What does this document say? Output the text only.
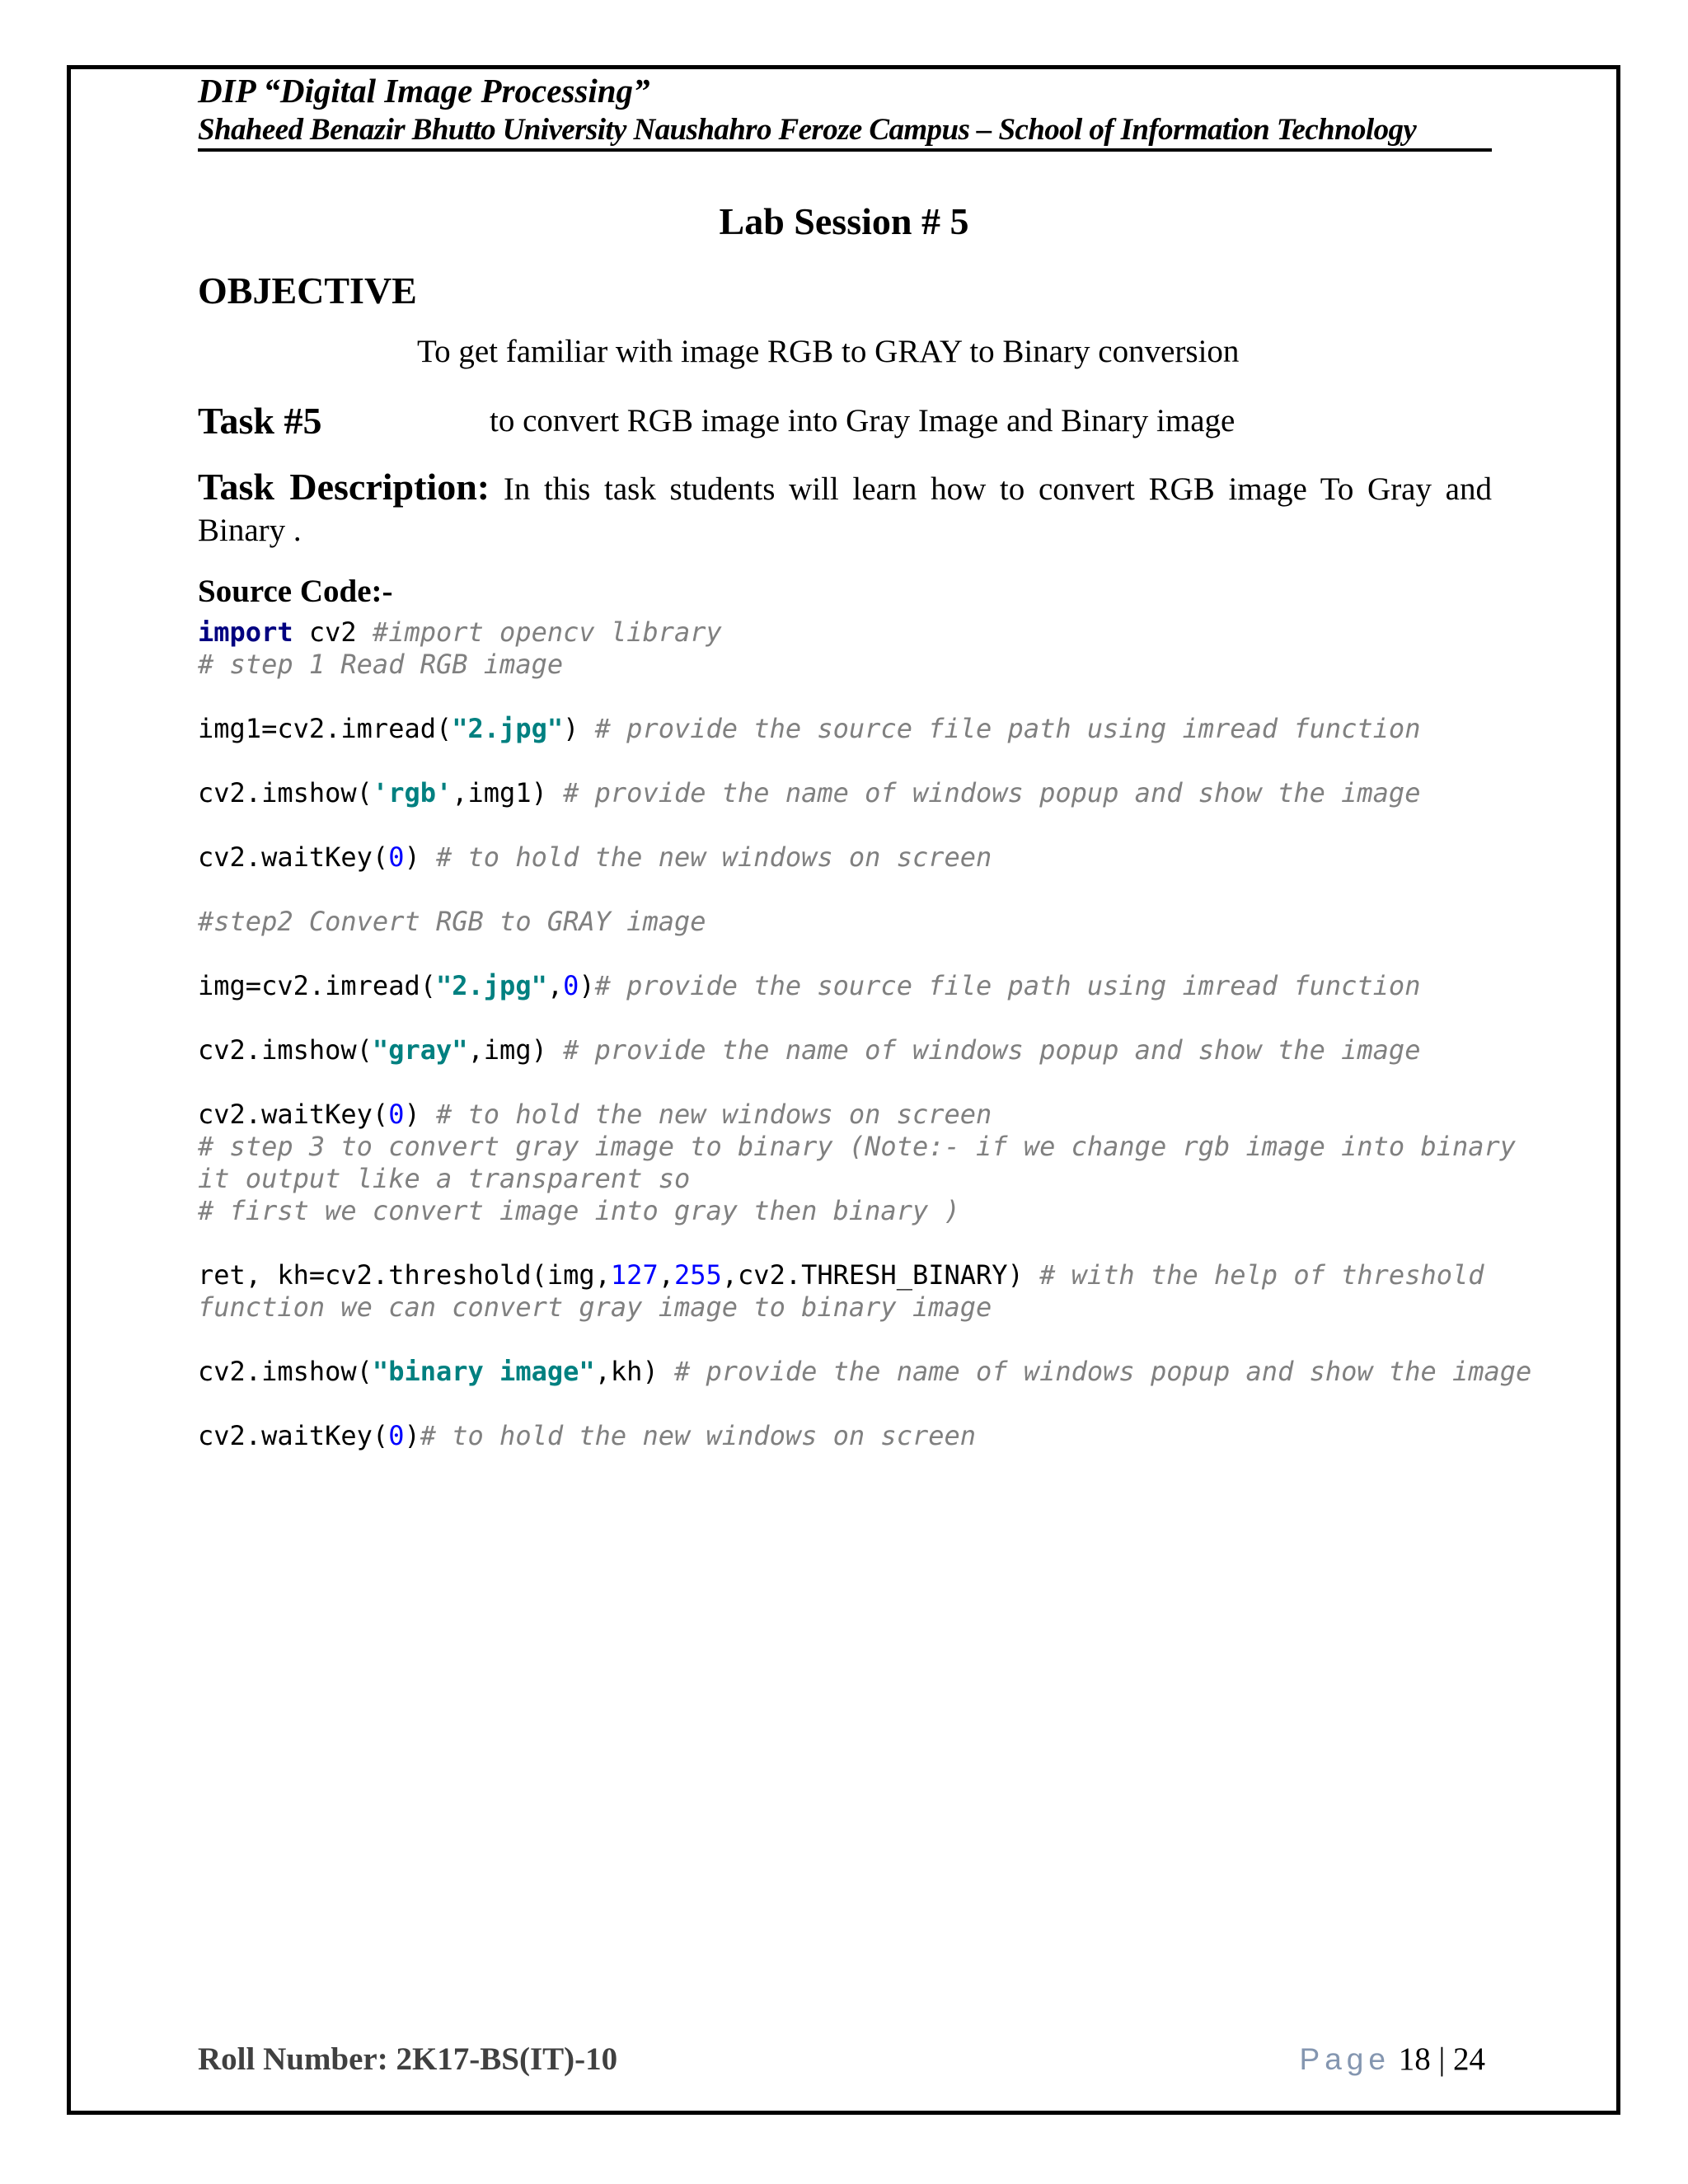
DIP “Digital Image Processing”
Shaheed Benazir Bhutto University Naushahro Feroze Campus – School of Information Technology
Lab Session # 5
OBJECTIVE
To get familiar with image RGB to GRAY to Binary conversion
Task #5	to convert RGB image into Gray Image and Binary image
Task Description: In this task students will learn how to convert RGB image To Gray and Binary .
Source Code:-
import cv2 #import opencv library
# step 1 Read RGB image
img1=cv2.imread("2.jpg") # provide the source file path using imread function
cv2.imshow('rgb',img1) # provide the name of windows popup and show the image
cv2.waitKey(0) # to hold the new windows on screen
#step2 Convert RGB to GRAY image
img=cv2.imread("2.jpg",0)# provide the source file path using imread function
cv2.imshow("gray",img) # provide the name of windows popup and show the image
cv2.waitKey(0) # to hold the new windows on screen
# step 3 to convert gray image to binary (Note:- if we change rgb image into binary
it output like a transparent so
# first we convert image into gray then binary )
ret, kh=cv2.threshold(img,127,255,cv2.THRESH_BINARY) # with the help of threshold
function we can convert gray image to binary image
cv2.imshow("binary image",kh) # provide the name of windows popup and show the image
cv2.waitKey(0)# to hold the new windows on screen
Roll Number: 2K17-BS(IT)-10	Page 18 | 24
